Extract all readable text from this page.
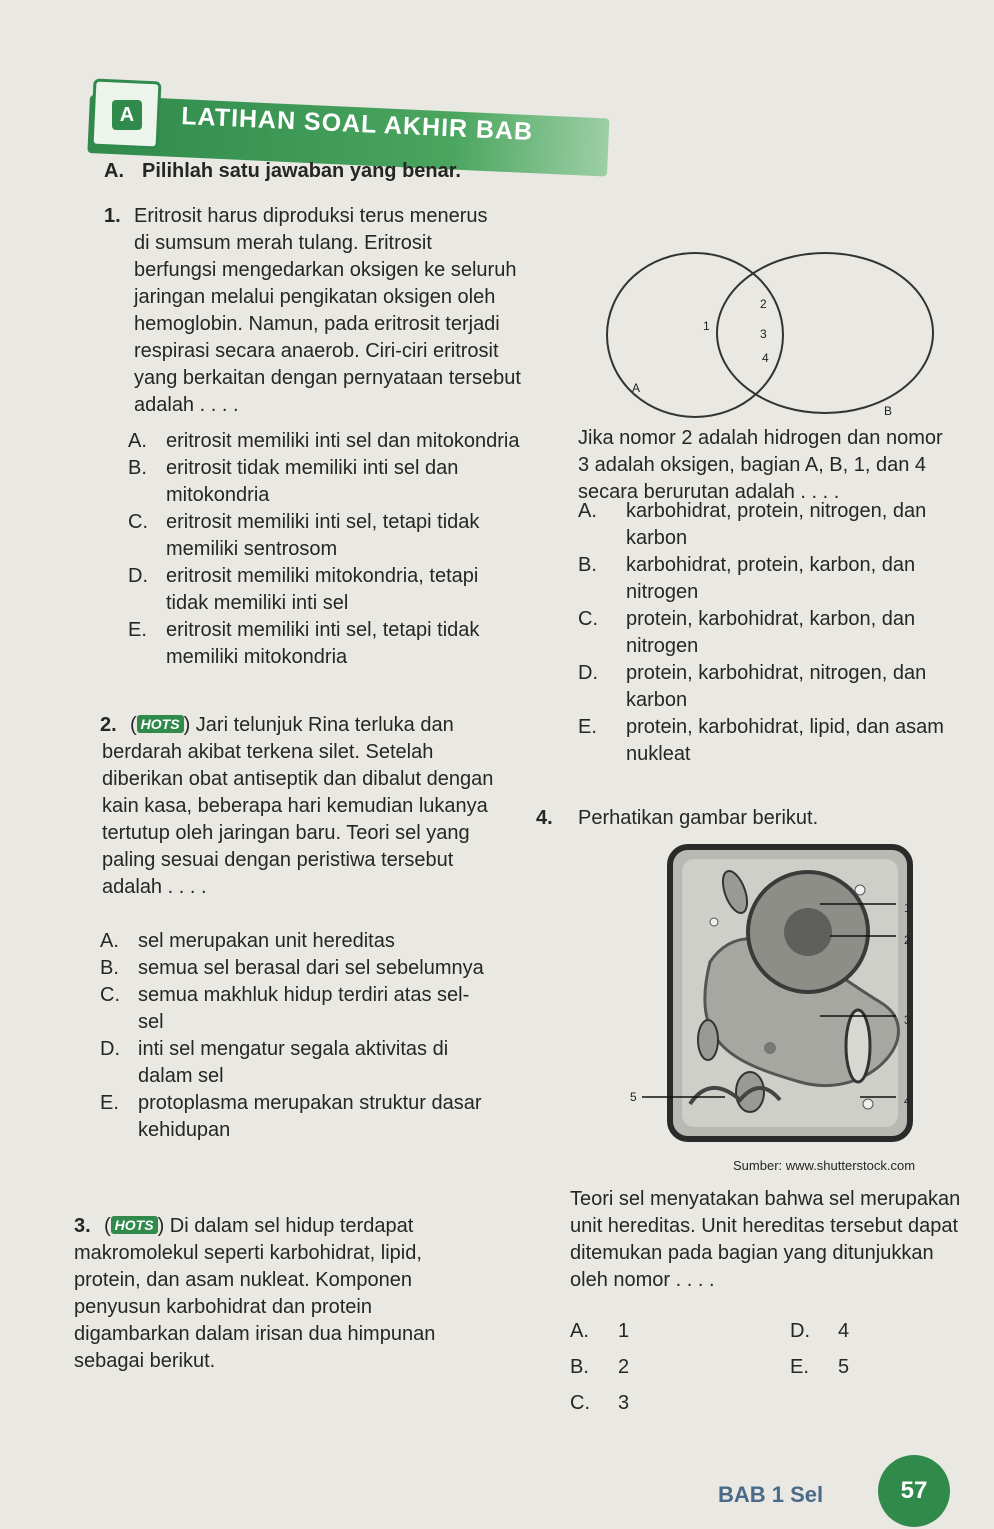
A	LATIHAN SOAL AKHIR BAB
A. Pilihlah satu jawaban yang benar.
1. Eritrosit harus diproduksi terus menerus
di sumsum merah tulang. Eritrosit
berfungsi mengedarkan oksigen ke seluruh
jaringan melalui pengikatan oksigen oleh
hemoglobin. Namun, pada eritrosit terjadi
respirasi secara anaerob. Ciri-ciri eritrosit
yang berkaitan dengan pernyataan tersebut
adalah . . . .
A. eritrosit memiliki inti sel dan mitokondria
B. eritrosit tidak memiliki inti sel dan
mitokondria
C. eritrosit memiliki inti sel, tetapi tidak
memiliki sentrosom
D. eritrosit memiliki mitokondria, tetapi
tidak memiliki inti sel
E. eritrosit memiliki inti sel, tetapi tidak
memiliki mitokondria
2. ( HOTS ) Jari telunjuk Rina terluka dan
berdarah akibat terkena silet. Setelah
diberikan obat antiseptik dan dibalut dengan
kain kasa, beberapa hari kemudian lukanya
tertutup oleh jaringan baru. Teori sel yang
paling sesuai dengan peristiwa tersebut
adalah . . . .
A. sel merupakan unit hereditas
B. semua sel berasal dari sel sebelumnya
C. semua makhluk hidup terdiri atas sel-
sel
D. inti sel mengatur segala aktivitas di
dalam sel
E. protoplasma merupakan struktur dasar
kehidupan
3. ( HOTS ) Di dalam sel hidup terdapat
makromolekul seperti karbohidrat, lipid,
protein, dan asam nukleat. Komponen
penyusun karbohidrat dan protein
digambarkan dalam irisan dua himpunan
sebagai berikut.
A
B
1
2
3
4
Jika nomor 2 adalah hidrogen dan nomor
3 adalah oksigen, bagian A, B, 1, dan 4
secara berurutan adalah . . . .
A.	karbohidrat, protein, nitrogen, dan
karbon
B.	karbohidrat, protein, karbon, dan
nitrogen
C.	protein, karbohidrat, karbon, dan
nitrogen
D.	protein, karbohidrat, nitrogen, dan
karbon
E.	protein, karbohidrat, lipid, dan asam
nukleat
4. Perhatikan gambar berikut.
1
2
3
4
5
Sumber: www.shutterstock.com
Teori sel menyatakan bahwa sel merupakan
unit hereditas. Unit hereditas tersebut dapat
ditemukan pada bagian yang ditunjukkan
oleh nomor . . . .
A. 1
B. 2
C. 3
D. 4
E. 5
BAB 1 Sel	57
